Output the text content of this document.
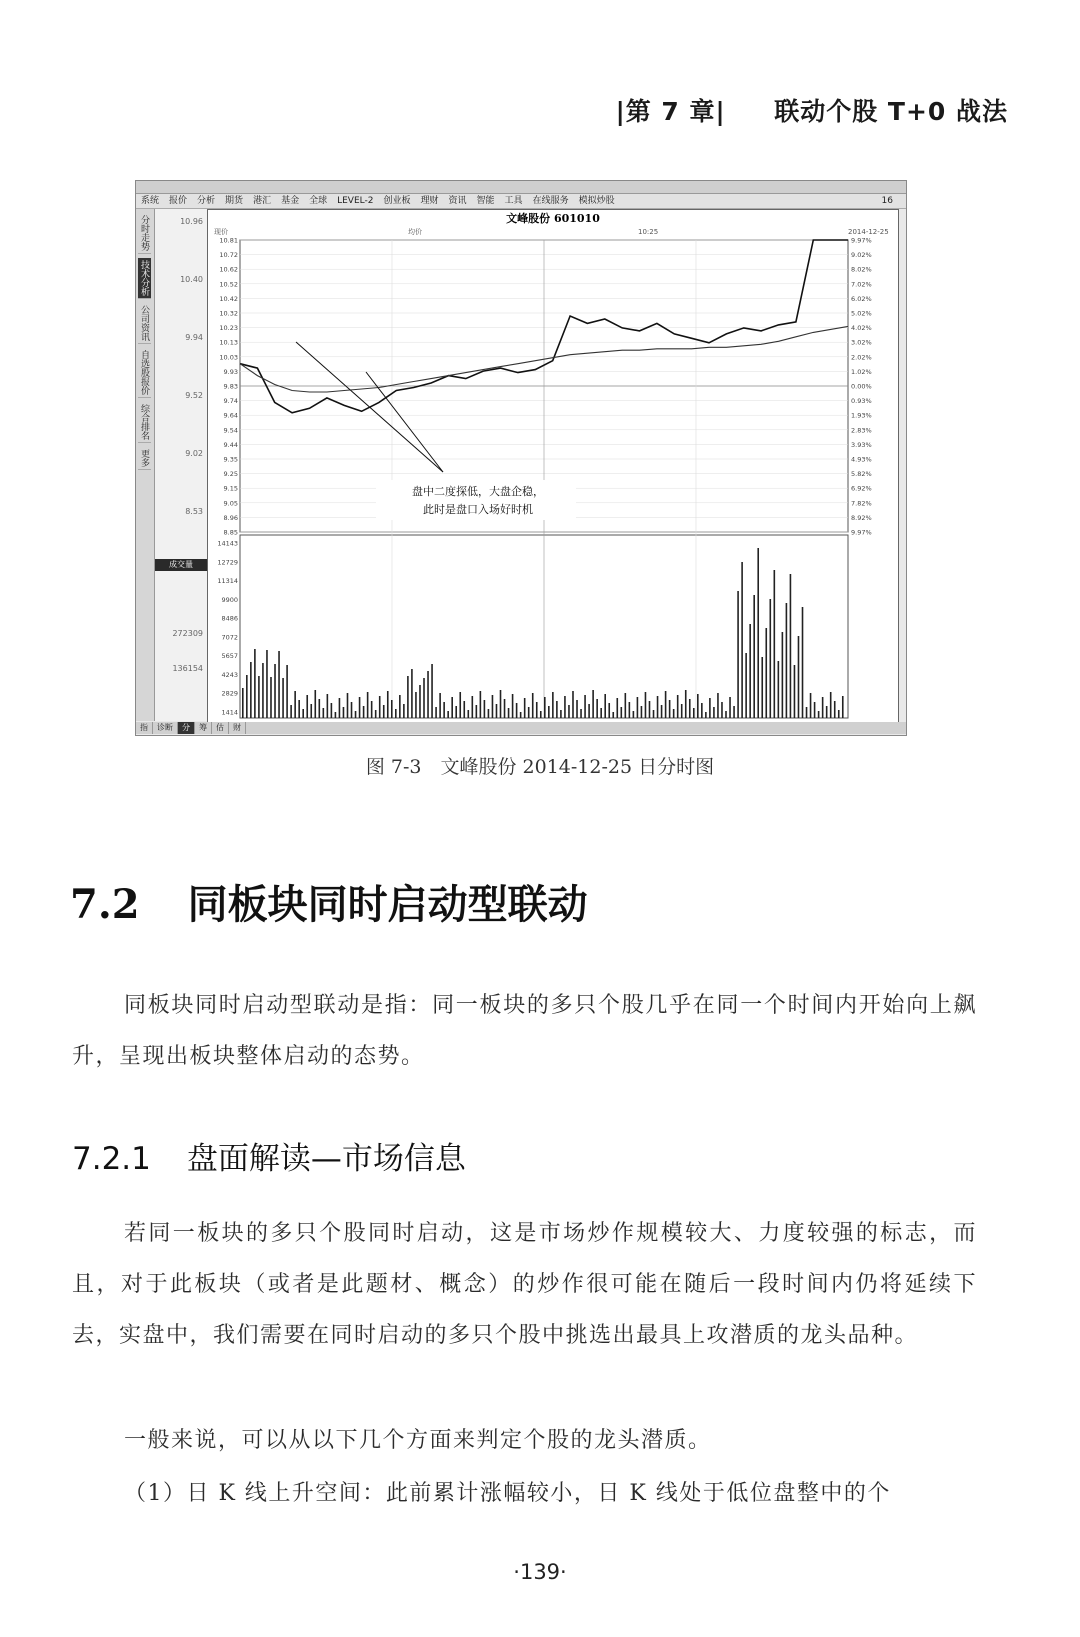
|第 7 章| 联动个股 T+0 战法
系统 报价 分析 期货 港汇 基金 全球 LEVEL-2 创业板 理财 资讯 智能 工具 在线服务 模拟炒股	16
分时走势
技术分析
公司资讯
自选股报价
综合排名
更多
10.96
10.40
9.94
9.52
9.02
8.53
272309
136154
成交量
文峰股份 601010
现价	均价	10:25	2014-12-25
10.81	9.97%
10.72	9.02%
10.62	8.02%
10.52	7.02%
10.42	6.02%
10.32	5.02%
10.23	4.02%
10.13	3.02%
10.03	2.02%
9.93	1.02%
9.83	0.00%
9.74	0.93%
9.64	1.93%
9.54	2.83%
9.44	3.93%
9.35	4.93%
9.25	5.82%
9.15	6.92%
9.05	7.82%
8.96	8.92%
8.85	9.97%
14143
12729
11314
9900
8486
7072
5657
4243
2829
1414
盘中二度探低，大盘企稳，
此时是盘口入场好时机
指 诊断 分 筹 估 财
图 7-3　文峰股份 2014-12-25 日分时图
7.2 同板块同时启动型联动
同板块同时启动型联动是指：同一板块的多只个股几乎在同一个时间内开始向上飙升，呈现出板块整体启动的态势。
7.2.1 盘面解读—市场信息
若同一板块的多只个股同时启动，这是市场炒作规模较大、力度较强的标志，而且，对于此板块（或者是此题材、概念）的炒作很可能在随后一段时间内仍将延续下去，实盘中，我们需要在同时启动的多只个股中挑选出最具上攻潜质的龙头品种。
一般来说，可以从以下几个方面来判定个股的龙头潜质。
（1）日 K 线上升空间：此前累计涨幅较小，日 K 线处于低位盘整中的个
·139·
